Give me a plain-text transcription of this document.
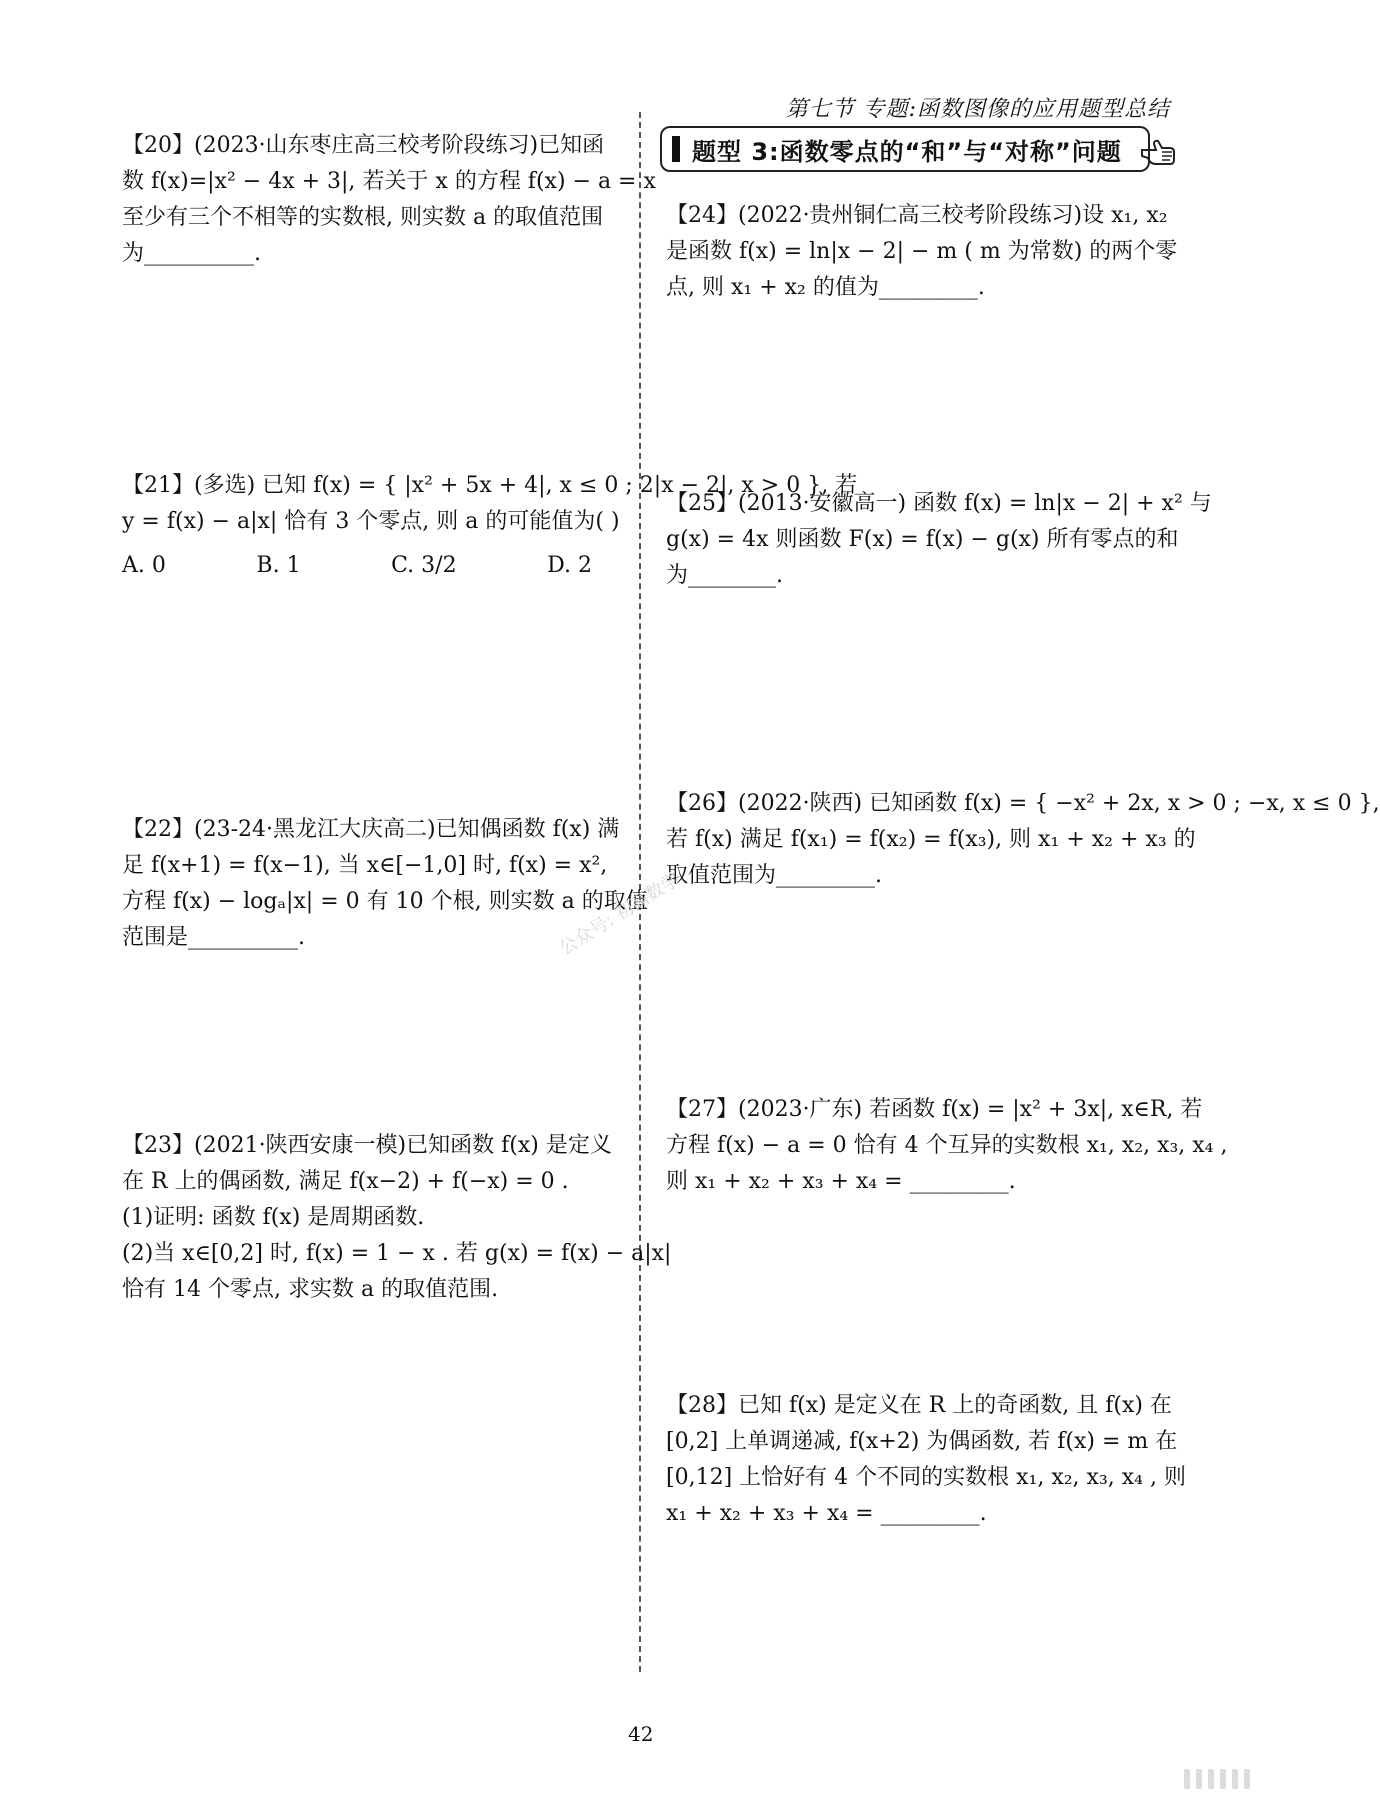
第七节 专题:函数图像的应用题型总结
题型 3:函数零点的“和”与“对称”问题
【20】(2023·山东枣庄高三校考阶段练习)已知函
数 f(x)=|x² − 4x + 3|, 若关于 x 的方程 f(x) − a = x
至少有三个不相等的实数根, 则实数 a 的取值范围
为__________.
【21】(多选) 已知 f(x) = { |x² + 5x + 4|, x ≤ 0 ; 2|x − 2|, x > 0 }, 若
y = f(x) − a|x| 恰有 3 个零点, 则 a 的可能值为( )
A. 0	B. 1	C. 3/2	D. 2
【22】(23-24·黑龙江大庆高二)已知偶函数 f(x) 满
足 f(x+1) = f(x−1), 当 x∈[−1,0] 时, f(x) = x²,
方程 f(x) − logₐ|x| = 0 有 10 个根, 则实数 a 的取值
范围是__________.
【23】(2021·陕西安康一模)已知函数 f(x) 是定义
在 R 上的偶函数, 满足 f(x−2) + f(−x) = 0 .
(1)证明: 函数 f(x) 是周期函数.
(2)当 x∈[0,2] 时, f(x) = 1 − x . 若 g(x) = f(x) − a|x|
恰有 14 个零点, 求实数 a 的取值范围.
【24】(2022·贵州铜仁高三校考阶段练习)设 x₁, x₂
是函数 f(x) = ln|x − 2| − m ( m 为常数) 的两个零
点, 则 x₁ + x₂ 的值为_________.
【25】(2013·安徽高一) 函数 f(x) = ln|x − 2| + x² 与
g(x) = 4x 则函数 F(x) = f(x) − g(x) 所有零点的和
为________.
【26】(2022·陕西) 已知函数 f(x) = { −x² + 2x, x > 0 ; −x, x ≤ 0 },
若 f(x) 满足 f(x₁) = f(x₂) = f(x₃), 则 x₁ + x₂ + x₃ 的
取值范围为_________.
【27】(2023·广东) 若函数 f(x) = |x² + 3x|, x∈R, 若
方程 f(x) − a = 0 恰有 4 个互异的实数根 x₁, x₂, x₃, x₄ ,
则 x₁ + x₂ + x₃ + x₄ = _________.
【28】已知 f(x) 是定义在 R 上的奇函数, 且 f(x) 在
[0,2] 上单调递减, f(x+2) 为偶函数, 若 f(x) = m 在
[0,12] 上恰好有 4 个不同的实数根 x₁, x₂, x₃, x₄ , 则
x₁ + x₂ + x₃ + x₄ = _________.
公众号: 初高数学
42
